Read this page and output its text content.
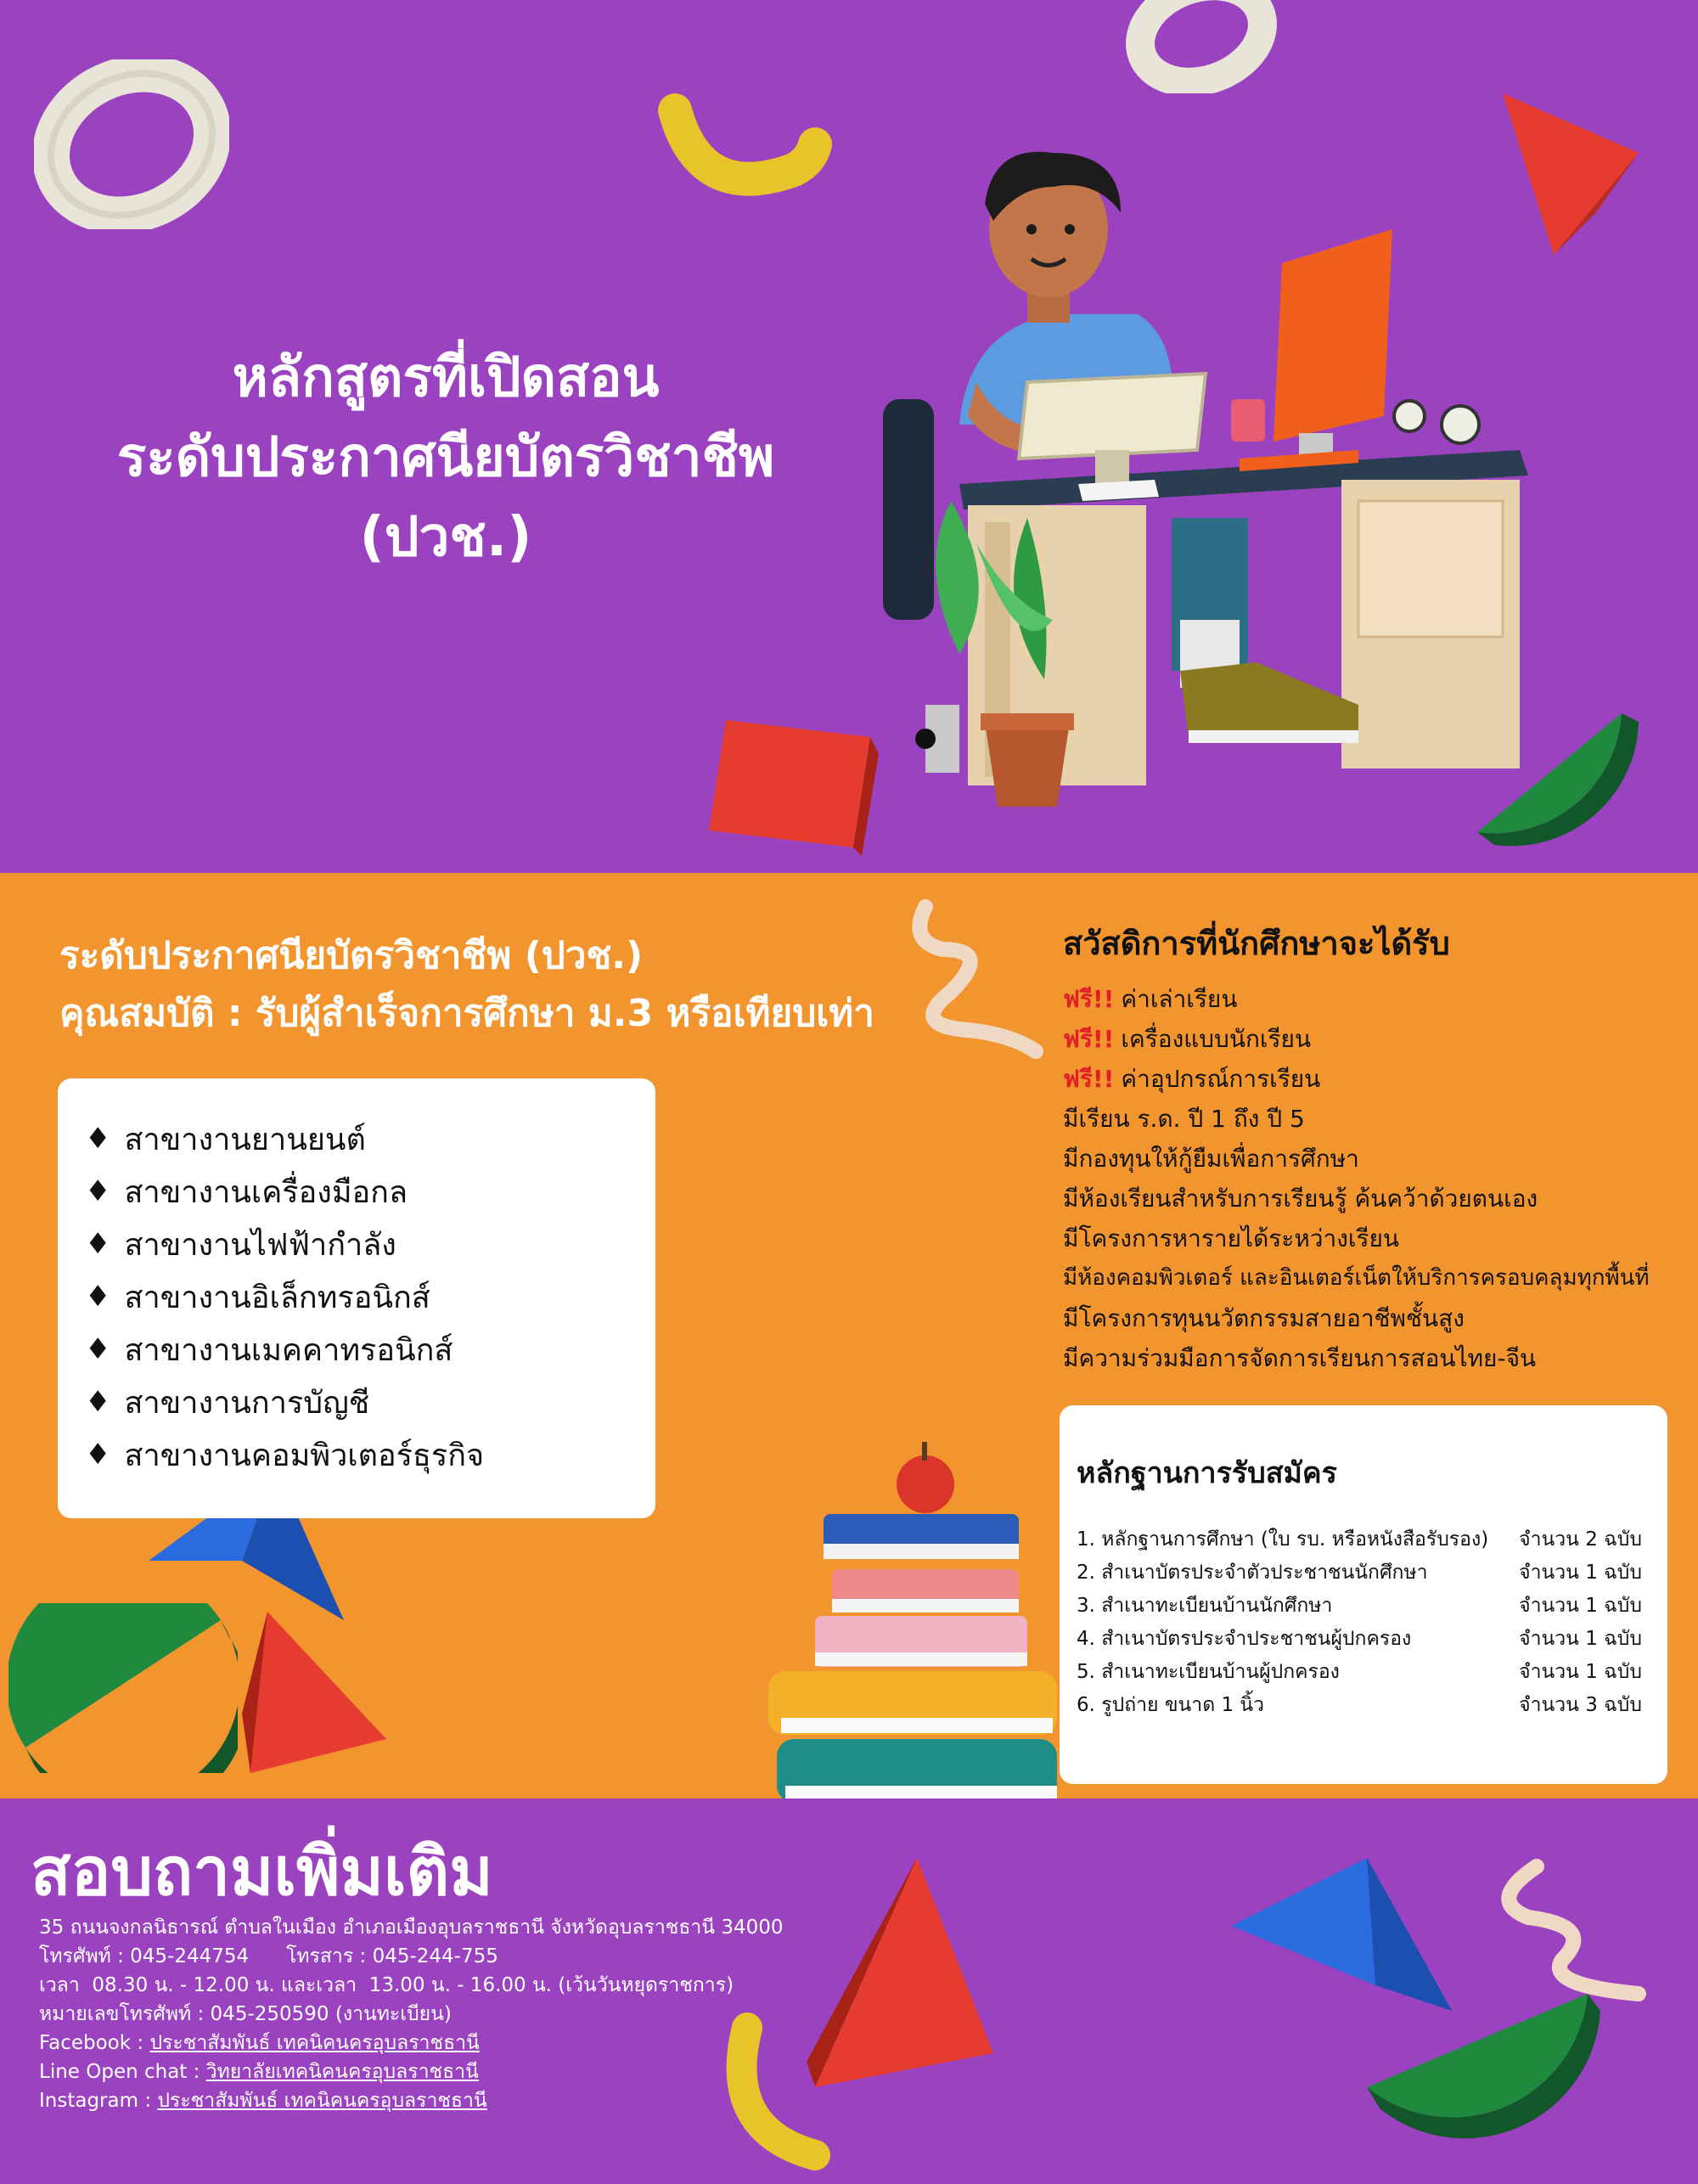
หลักสูตรที่เปิดสอน
ระดับประกาศนียบัตรวิชาชีพ
(ปวช.)
ระดับประกาศนียบัตรวิชาชีพ (ปวช.)
คุณสมบัติ : รับผู้สำเร็จการศึกษา ม.3 หรือเทียบเท่า
♦ สาขางานยานยนต์
♦ สาขางานเครื่องมือกล
♦ สาขางานไฟฟ้ากำลัง
♦ สาขางานอิเล็กทรอนิกส์
♦ สาขางานเมคคาทรอนิกส์
♦ สาขางานการบัญชี
♦ สาขางานคอมพิวเตอร์ธุรกิจ
สวัสดิการที่นักศึกษาจะได้รับ
ฟรี!! ค่าเล่าเรียน
ฟรี!! เครื่องแบบนักเรียน
ฟรี!! ค่าอุปกรณ์การเรียน
มีเรียน ร.ด. ปี 1 ถึง ปี 5
มีกองทุนให้กู้ยืมเพื่อการศึกษา
มีห้องเรียนสำหรับการเรียนรู้ ค้นคว้าด้วยตนเอง
มีโครงการหารายได้ระหว่างเรียน
มีห้องคอมพิวเตอร์ และอินเตอร์เน็ตให้บริการครอบคลุมทุกพื้นที่
มีโครงการทุนนวัตกรรมสายอาชีพชั้นสูง
มีความร่วมมือการจัดการเรียนการสอนไทย-จีน
หลักฐานการรับสมัคร
1. หลักฐานการศึกษา (ใบ รบ. หรือหนังสือรับรอง)	จำนวน 2 ฉบับ
2. สำเนาบัตรประจำตัวประชาชนนักศึกษา	จำนวน 1 ฉบับ
3. สำเนาทะเบียนบ้านนักศึกษา	จำนวน 1 ฉบับ
4. สำเนาบัตรประจำประชาชนผู้ปกครอง	จำนวน 1 ฉบับ
5. สำเนาทะเบียนบ้านผู้ปกครอง	จำนวน 1 ฉบับ
6. รูปถ่าย ขนาด 1 นิ้ว	จำนวน 3 ฉบับ
สอบถามเพิ่มเติม
35 ถนนจงกลนิธารณ์ ตำบลในเมือง อำเภอเมืองอุบลราชธานี จังหวัดอุบลราชธานี 34000
โทรศัพท์ : 045-244754      โทรสาร : 045-244-755
เวลา  08.30 น. - 12.00 น. และเวลา  13.00 น. - 16.00 น. (เว้นวันหยุดราชการ)
หมายเลขโทรศัพท์ : 045-250590 (งานทะเบียน)
Facebook : ประชาสัมพันธ์ เทคนิคนครอุบลราชธานี
Line Open chat : วิทยาลัยเทคนิคนครอุบลราชธานี
Instagram : ประชาสัมพันธ์ เทคนิคนครอุบลราชธานี
